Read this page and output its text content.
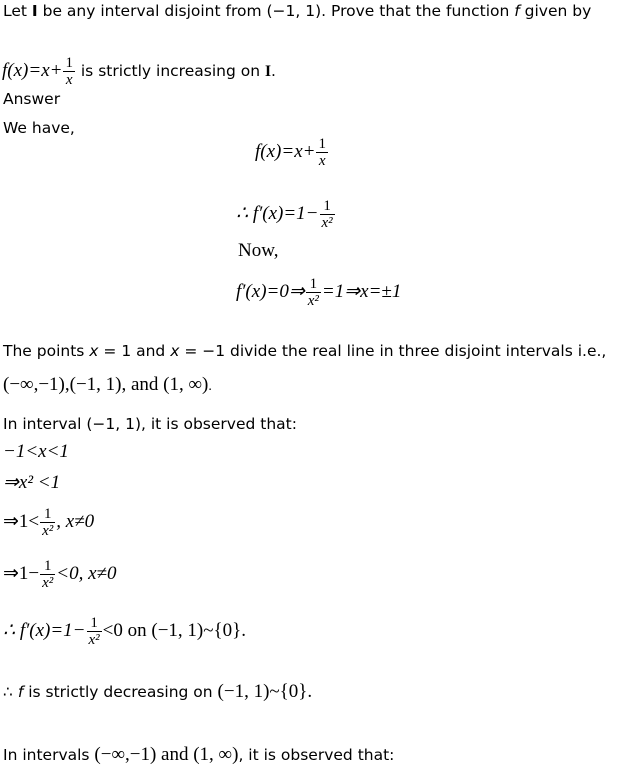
Let I be any interval disjoint from (−1, 1). Prove that the function f given by
$f(x)=x+ \frac{1}{x}$ is strictly increasing on I.
Answer
We have,
$f(x)=x+ \frac{1}{x}$
∴ $f'(x)=1- \frac{1}{\text{x²}}$
Now,
f′(x)=0⇒ $\frac{1}{\text{x²}}$ =1⇒x=±1
The points x = 1 and x = −1 divide the real line in three disjoint intervals i.e.,
(−∞,−1),(−1, 1), and (1, ∞).
In interval (−1, 1), it is observed that:
−1<x<1
⇒x² <1
⇒1< $\frac{1}{\text{x²}}$ , x≠0
⇒1− $\frac{1}{\text{x²}} <0$, x≠0
∴ $f'(x)=1- \frac{1}{\text{x²}} <0$ on (−1, 1)~{0}.
∴ f is strictly decreasing on (−1, 1)~{0}.
In intervals (−∞,−1) and (1, ∞), it is observed that:
